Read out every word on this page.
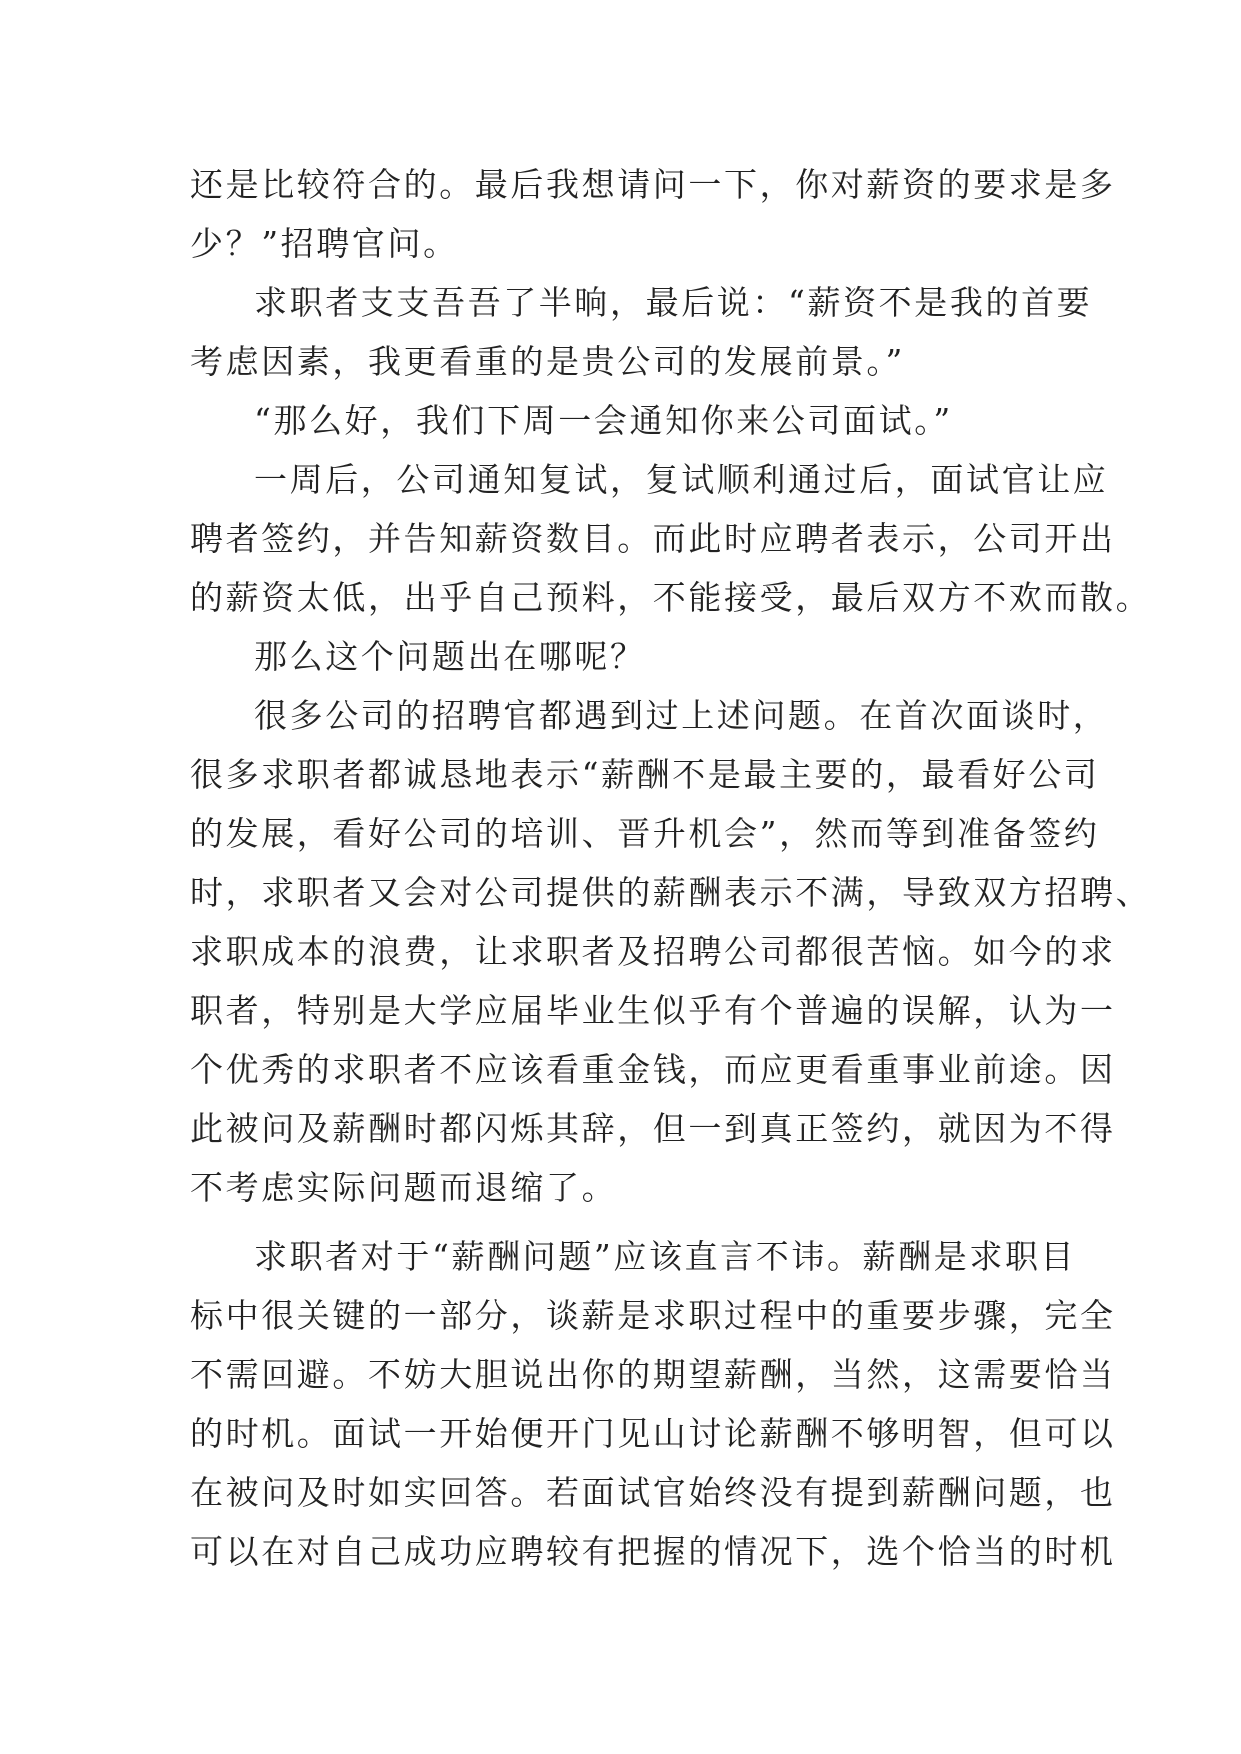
还是比较符合的。最后我想请问一下，你对薪资的要求是多
少？”招聘官问。
求职者支支吾吾了半晌，最后说：“薪资不是我的首要
考虑因素，我更看重的是贵公司的发展前景。”
“那么好，我们下周一会通知你来公司面试。”
一周后，公司通知复试，复试顺利通过后，面试官让应
聘者签约，并告知薪资数目。而此时应聘者表示，公司开出
的薪资太低，出乎自己预料，不能接受，最后双方不欢而散。
那么这个问题出在哪呢？
很多公司的招聘官都遇到过上述问题。在首次面谈时，
很多求职者都诚恳地表示“薪酬不是最主要的，最看好公司
的发展，看好公司的培训、晋升机会”，然而等到准备签约
时，求职者又会对公司提供的薪酬表示不满，导致双方招聘、
求职成本的浪费，让求职者及招聘公司都很苦恼。如今的求
职者，特别是大学应届毕业生似乎有个普遍的误解，认为一
个优秀的求职者不应该看重金钱，而应更看重事业前途。因
此被问及薪酬时都闪烁其辞，但一到真正签约，就因为不得
不考虑实际问题而退缩了。
求职者对于“薪酬问题”应该直言不讳。薪酬是求职目
标中很关键的一部分，谈薪是求职过程中的重要步骤，完全
不需回避。不妨大胆说出你的期望薪酬，当然，这需要恰当
的时机。面试一开始便开门见山讨论薪酬不够明智，但可以
在被问及时如实回答。若面试官始终没有提到薪酬问题，也
可以在对自己成功应聘较有把握的情况下，选个恰当的时机
